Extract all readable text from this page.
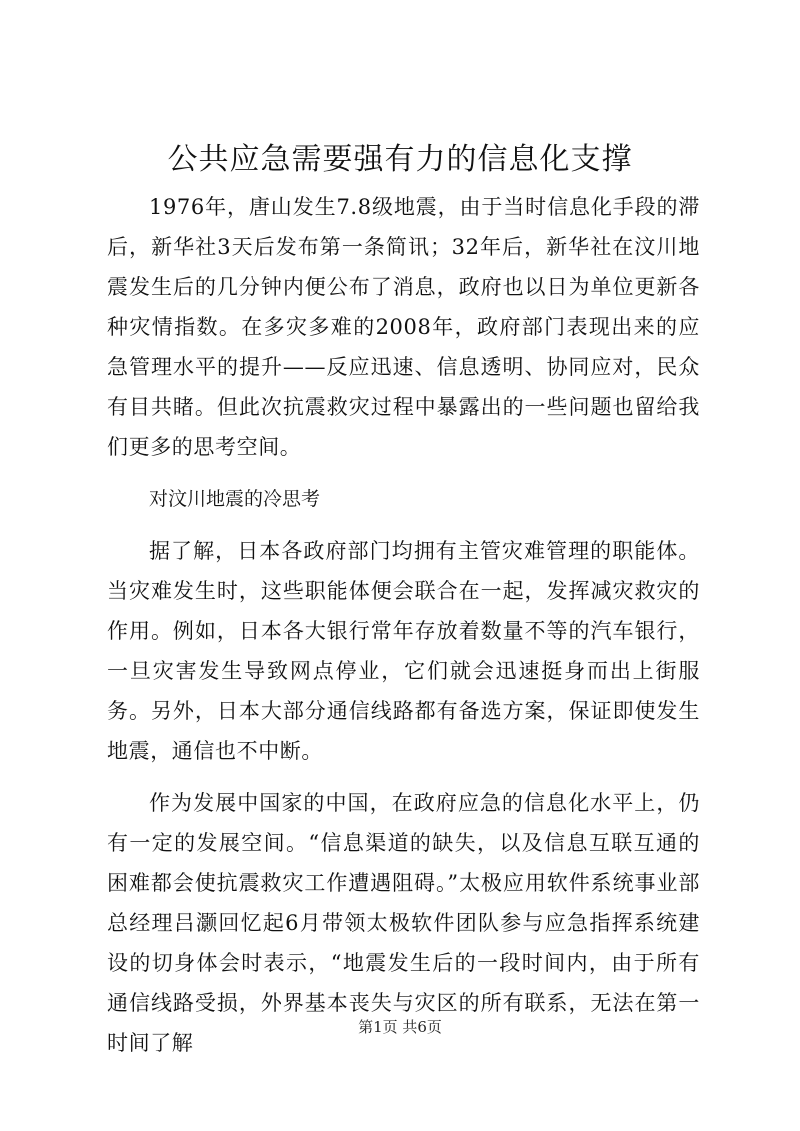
公共应急需要强有力的信息化支撑

1976年，唐山发生7.8级地震，由于当时信息化手段的滞后，新华社3天后发布第一条简讯；32年后，新华社在汶川地震发生后的几分钟内便公布了消息，政府也以日为单位更新各种灾情指数。在多灾多难的2008年，政府部门表现出来的应急管理水平的提升——反应迅速、信息透明、协同应对，民众有目共睹。但此次抗震救灾过程中暴露出的一些问题也留给我们更多的思考空间。

对汶川地震的冷思考

据了解，日本各政府部门均拥有主管灾难管理的职能体。当灾难发生时，这些职能体便会联合在一起，发挥减灾救灾的作用。例如，日本各大银行常年存放着数量不等的汽车银行，一旦灾害发生导致网点停业，它们就会迅速挺身而出上街服务。另外，日本大部分通信线路都有备选方案，保证即使发生地震，通信也不中断。

作为发展中国家的中国，在政府应急的信息化水平上，仍有一定的发展空间。“信息渠道的缺失，以及信息互联互通的困难都会使抗震救灾工作遭遇阻碍。”太极应用软件系统事业部总经理吕灏回忆起6月带领太极软件团队参与应急指挥系统建设的切身体会时表示，“地震发生后的一段时间内，由于所有通信线路受损，外界基本丧失与灾区的所有联系，无法在第一时间了解

第1页 共6页
